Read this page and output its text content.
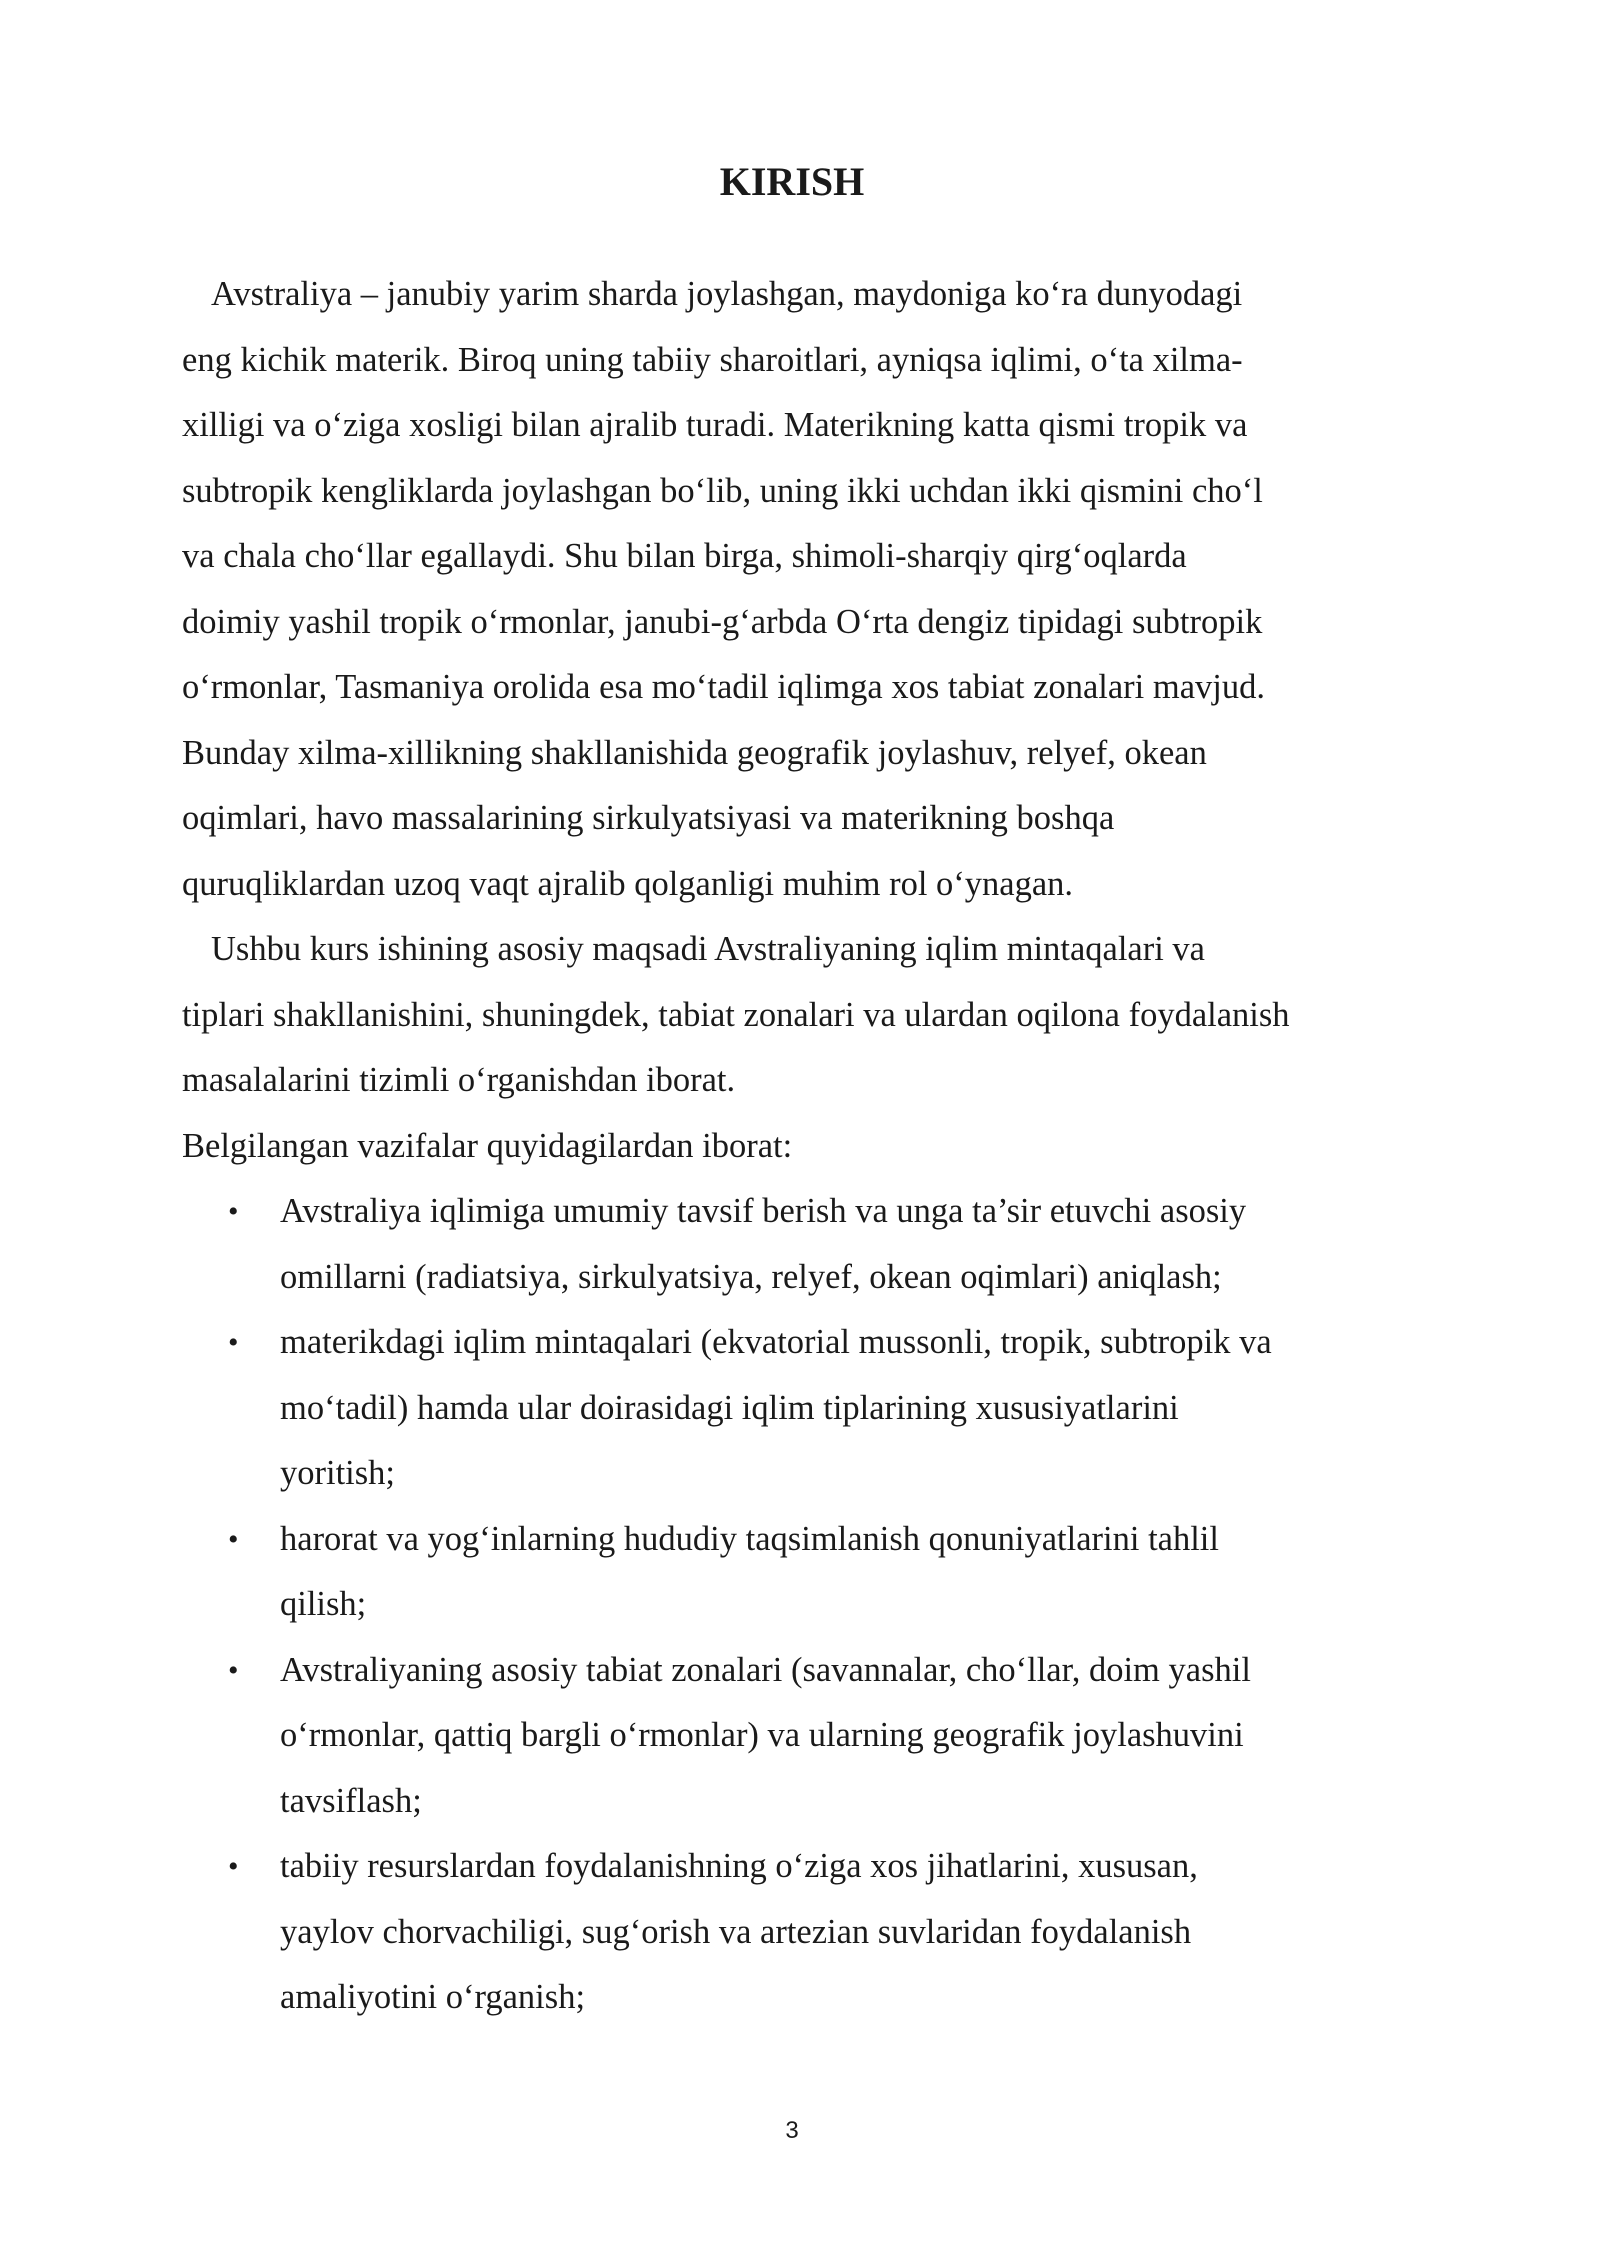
KIRISH
Avstraliya – janubiy yarim sharda joylashgan, maydoniga ko‘ra dunyodagi
eng kichik materik. Biroq uning tabiiy sharoitlari, ayniqsa iqlimi, o‘ta xilma-
xilligi va o‘ziga xosligi bilan ajralib turadi. Materikning katta qismi tropik va
subtropik kengliklarda joylashgan bo‘lib, uning ikki uchdan ikki qismini cho‘l
va chala cho‘llar egallaydi. Shu bilan birga, shimoli-sharqiy qirg‘oqlarda
doimiy yashil tropik o‘rmonlar, janubi-g‘arbda O‘rta dengiz tipidagi subtropik
o‘rmonlar, Tasmaniya orolida esa mo‘tadil iqlimga xos tabiat zonalari mavjud.
Bunday xilma-xillikning shakllanishida geografik joylashuv, relyef, okean
oqimlari, havo massalarining sirkulyatsiyasi va materikning boshqa
quruqliklardan uzoq vaqt ajralib qolganligi muhim rol o‘ynagan.
Ushbu kurs ishining asosiy maqsadi Avstraliyaning iqlim mintaqalari va
tiplari shakllanishini, shuningdek, tabiat zonalari va ulardan oqilona foydalanish
masalalarini tizimli o‘rganishdan iborat.
Belgilangan vazifalar quyidagilardan iborat:
•	Avstraliya iqlimiga umumiy tavsif berish va unga ta’sir etuvchi asosiy
omillarni (radiatsiya, sirkulyatsiya, relyef, okean oqimlari) aniqlash;
•	materikdagi iqlim mintaqalari (ekvatorial mussonli, tropik, subtropik va
mo‘tadil) hamda ular doirasidagi iqlim tiplarining xususiyatlarini
yoritish;
•	harorat va yog‘inlarning hududiy taqsimlanish qonuniyatlarini tahlil
qilish;
•	Avstraliyaning asosiy tabiat zonalari (savannalar, cho‘llar, doim yashil
o‘rmonlar, qattiq bargli o‘rmonlar) va ularning geografik joylashuvini
tavsiflash;
•	tabiiy resurslardan foydalanishning o‘ziga xos jihatlarini, xususan,
yaylov chorvachiligi, sug‘orish va artezian suvlaridan foydalanish
amaliyotini o‘rganish;
3
